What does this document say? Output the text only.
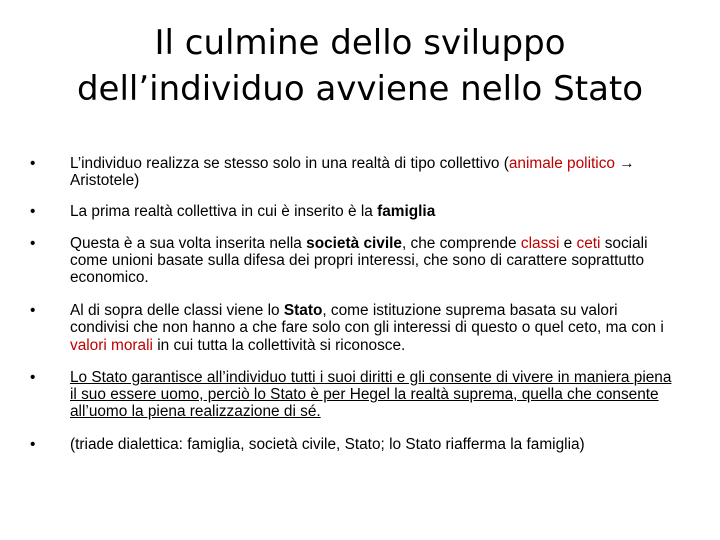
Il culmine dello sviluppo
dell’individuo avviene nello Stato
•	L’individuo realizza se stesso solo in una realtà di tipo collettivo (animale politico → Aristotele)
•	La prima realtà collettiva in cui è inserito è la famiglia
•	Questa è a sua volta inserita nella società civile, che comprende classi e ceti sociali come unioni basate sulla difesa dei propri interessi, che sono di carattere soprattutto economico.
•	Al di sopra delle classi viene lo Stato, come istituzione suprema basata su valori condivisi che non hanno a che fare solo con gli interessi di questo o quel ceto, ma con i valori morali in cui tutta la collettività si riconosce.
•	Lo Stato garantisce all’individuo tutti i suoi diritti e gli consente di vivere in maniera piena il suo essere uomo, perciò lo Stato è per Hegel la realtà suprema, quella che consente all’uomo la piena realizzazione di sé.
•	(triade dialettica: famiglia, società civile, Stato; lo Stato riafferma la famiglia)
